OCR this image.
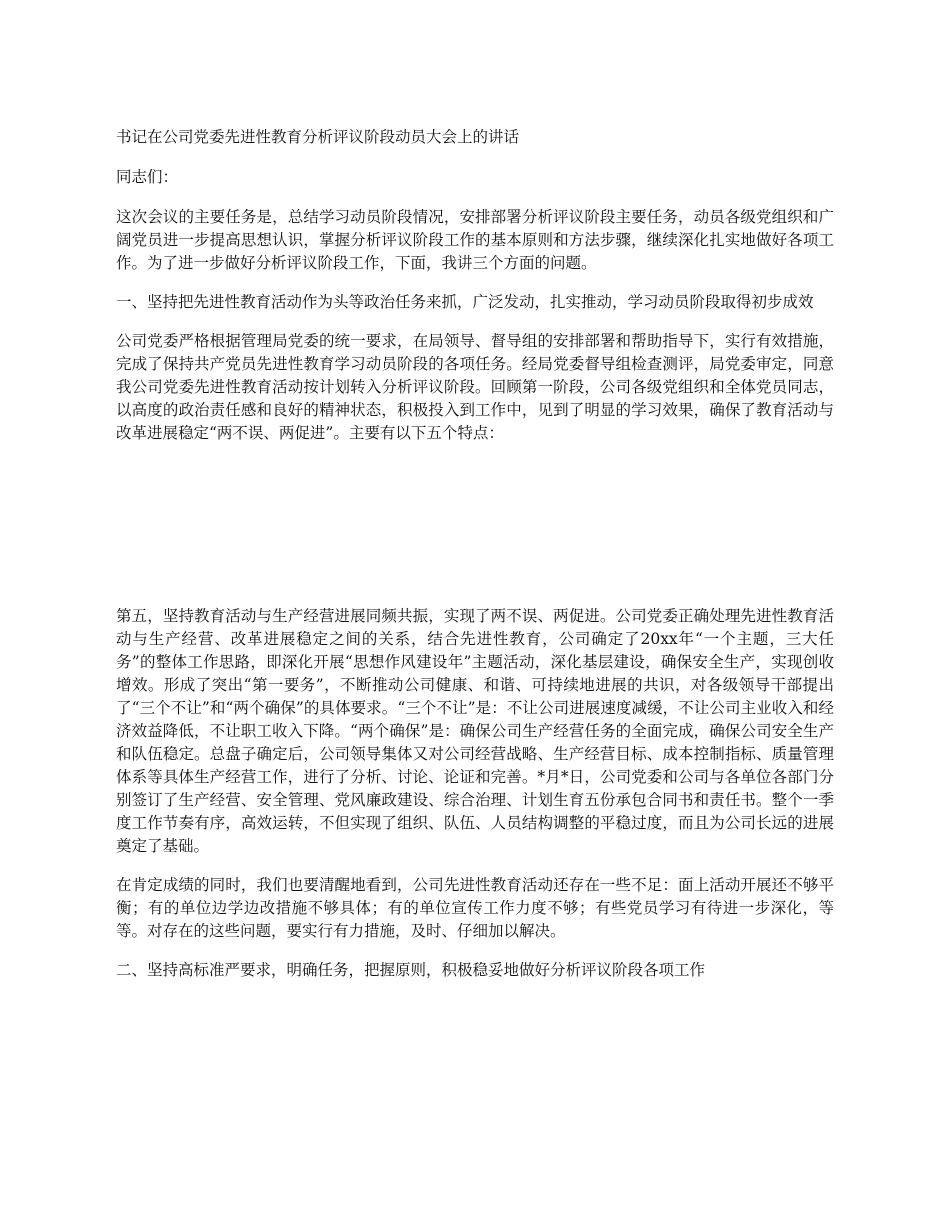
书记在公司党委先进性教育分析评议阶段动员大会上的讲话

同志们：

这次会议的主要任务是，总结学习动员阶段情况，安排部署分析评议阶段主要任务，动员各级党组织和广阔党员进一步提高思想认识，掌握分析评议阶段工作的基本原则和方法步骤，继续深化扎实地做好各项工作。为了进一步做好分析评议阶段工作，下面，我讲三个方面的问题。

一、坚持把先进性教育活动作为头等政治任务来抓，广泛发动，扎实推动，学习动员阶段取得初步成效

公司党委严格根据管理局党委的统一要求，在局领导、督导组的安排部署和帮助指导下，实行有效措施，完成了保持共产党员先进性教育学习动员阶段的各项任务。经局党委督导组检查测评，局党委审定，同意我公司党委先进性教育活动按计划转入分析评议阶段。回顾第一阶段，公司各级党组织和全体党员同志，以高度的政治责任感和良好的精神状态，积极投入到工作中，见到了明显的学习效果，确保了教育活动与改革进展稳定“两不误、两促进”。主要有以下五个特点：

第五，坚持教育活动与生产经营进展同频共振，实现了两不误、两促进。公司党委正确处理先进性教育活动与生产经营、改革进展稳定之间的关系，结合先进性教育，公司确定了20xx年“一个主题，三大任务”的整体工作思路，即深化开展“思想作风建设年”主题活动，深化基层建设，确保安全生产，实现创收增效。形成了突出“第一要务”，不断推动公司健康、和谐、可持续地进展的共识，对各级领导干部提出了“三个不让”和“两个确保”的具体要求。“三个不让”是：不让公司进展速度减缓，不让公司主业收入和经济效益降低，不让职工收入下降。“两个确保”是：确保公司生产经营任务的全面完成，确保公司安全生产和队伍稳定。总盘子确定后，公司领导集体又对公司经营战略、生产经营目标、成本控制指标、质量管理体系等具体生产经营工作，进行了分析、讨论、论证和完善。*月*日，公司党委和公司与各单位各部门分别签订了生产经营、安全管理、党风廉政建设、综合治理、计划生育五份承包合同书和责任书。整个一季度工作节奏有序，高效运转，不但实现了组织、队伍、人员结构调整的平稳过度，而且为公司长远的进展奠定了基础。

在肯定成绩的同时，我们也要清醒地看到，公司先进性教育活动还存在一些不足：面上活动开展还不够平衡；有的单位边学边改措施不够具体；有的单位宣传工作力度不够；有些党员学习有待进一步深化，等等。对存在的这些问题，要实行有力措施，及时、仔细加以解决。

二、坚持高标准严要求，明确任务，把握原则，积极稳妥地做好分析评议阶段各项工作
